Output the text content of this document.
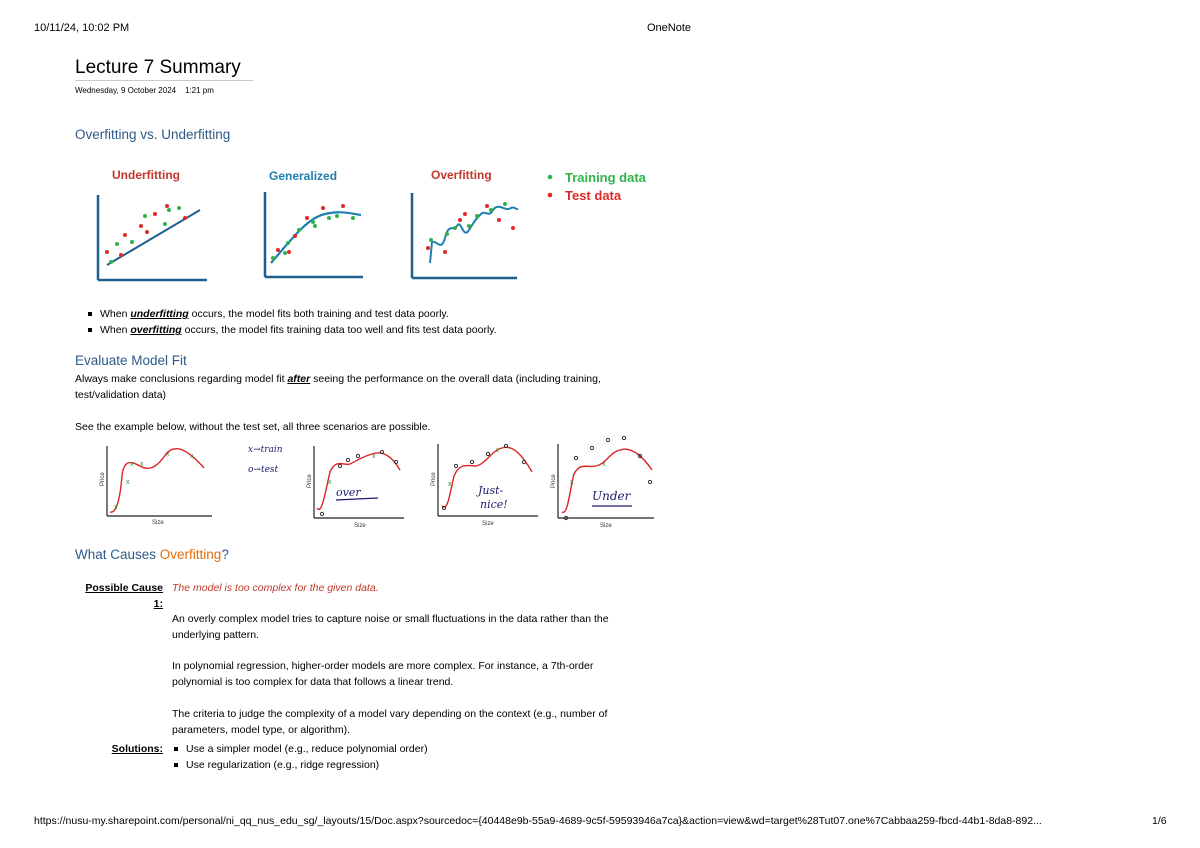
10/11/24, 10:02 PM	OneNote
Lecture 7 Summary
Wednesday, 9 October 2024 1:21 pm
Overfitting vs. Underfitting
Underfitting	Generalized	Overfitting	Training data
Test data
When underfitting occurs, the model fits both training and test data poorly.
When overfitting occurs, the model fits training data too well and fits test data poorly.
Evaluate Model Fit
Always make conclusions regarding model fit after seeing the performance on the overall data (including training,
test/validation data)
See the example below, without the test set, all three scenarios are possible.
x
x
x x
x	x
Price
Size
x→train
o→test
x
x
over
Price
Size
x
x
Just-
nice!
Price
Size
x
x
Under
Price
Size
What Causes Overfitting?
Possible Cause
1:
The model is too complex for the given data.
An overly complex model tries to capture noise or small fluctuations in the data rather than the
underlying pattern.
In polynomial regression, higher-order models are more complex. For instance, a 7th-order
polynomial is too complex for data that follows a linear trend.
The criteria to judge the complexity of a model vary depending on the context (e.g., number of
parameters, model type, or algorithm).
Solutions:	Use a simpler model (e.g., reduce polynomial order)
Use regularization (e.g., ridge regression)
https://nusu-my.sharepoint.com/personal/ni_qq_nus_edu_sg/_layouts/15/Doc.aspx?sourcedoc={40448e9b-55a9-4689-9c5f-59593946a7ca}&action=view&wd=target%28Tut07.one%7Cabbaa259-fbcd-44b1-8da8-892...	1/6
